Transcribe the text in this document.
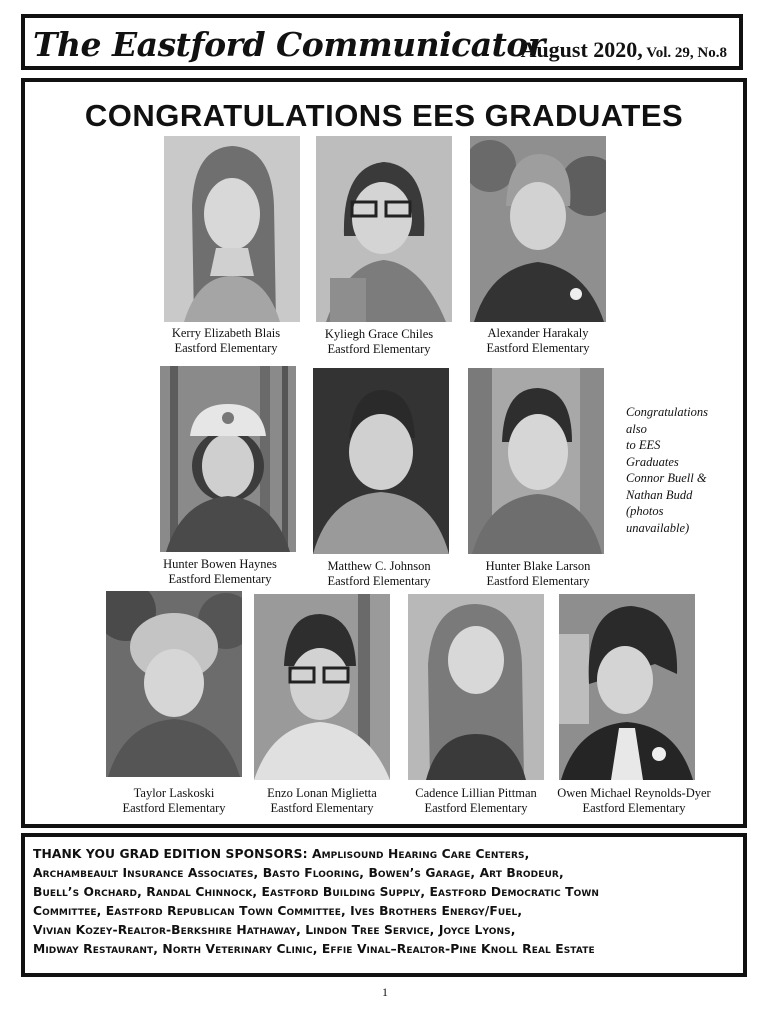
The Eastford Communicator
August 2020, Vol. 29, No.8
CONGRATULATIONS EES GRADUATES
Kerry Elizabeth Blais
Eastford Elementary
Kyliegh Grace Chiles
Eastford Elementary
Alexander Harakaly
Eastford Elementary
Hunter Bowen Haynes
Eastford Elementary
Matthew C. Johnson
Eastford Elementary
Hunter Blake Larson
Eastford Elementary
Congratulations
also
to EES
Graduates
Connor Buell &
Nathan Budd
(photos
unavailable)
Taylor Laskoski
Eastford Elementary
Enzo Lonan Miglietta
Eastford Elementary
Cadence Lillian Pittman
Eastford Elementary
Owen Michael Reynolds-Dyer
Eastford Elementary
THANK YOU GRAD EDITION SPONSORS: Amplisound Hearing Care Centers,
Archambeault Insurance Associates, Basto Flooring, Bowen’s Garage, Art Brodeur,
Buell’s Orchard, Randal Chinnock, Eastford Building Supply, Eastford Democratic Town
Committee, Eastford Republican Town Committee, Ives Brothers Energy/Fuel,
Vivian Kozey-Realtor-Berkshire Hathaway, Lindon Tree Service, Joyce Lyons,
Midway Restaurant, North Veterinary Clinic, Effie Vinal–Realtor-Pine Knoll Real Estate
1
